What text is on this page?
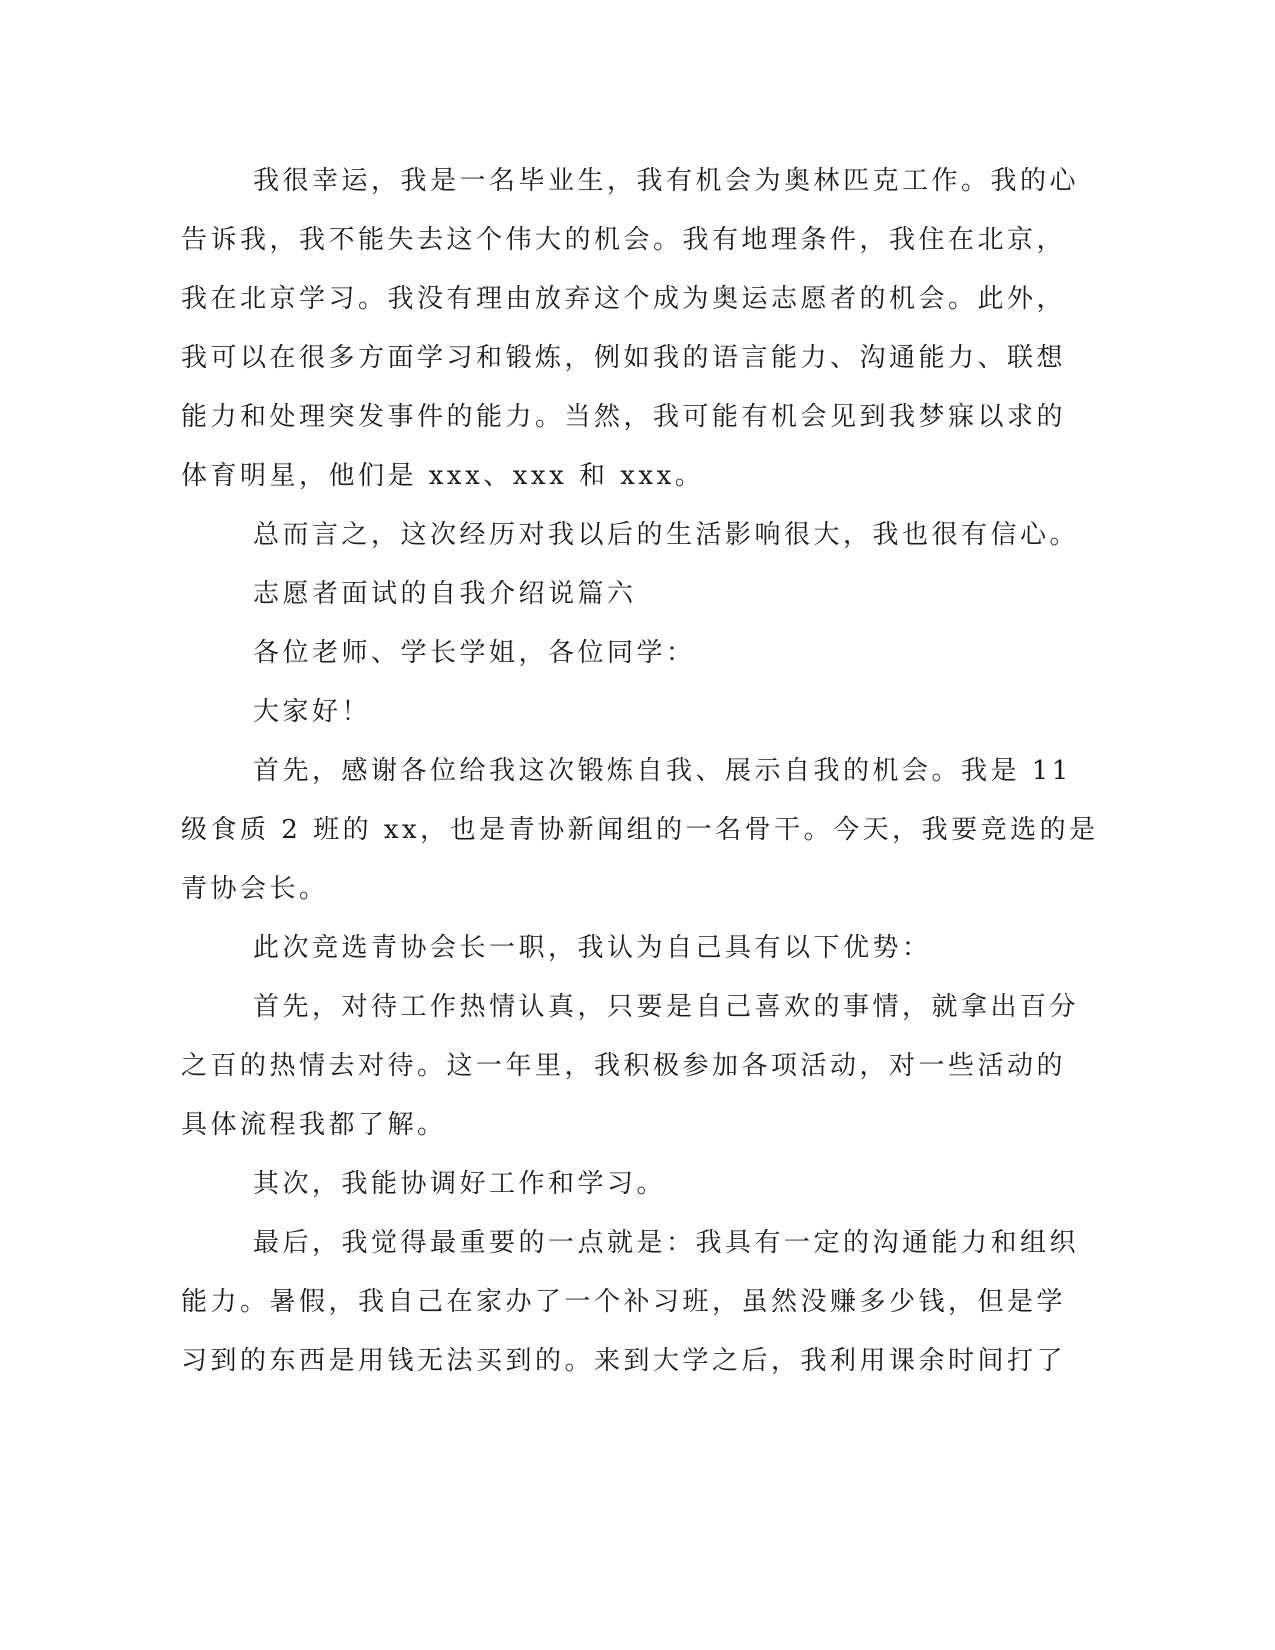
我很幸运，我是一名毕业生，我有机会为奥林匹克工作。我的心
告诉我，我不能失去这个伟大的机会。我有地理条件，我住在北京，
我在北京学习。我没有理由放弃这个成为奥运志愿者的机会。此外，
我可以在很多方面学习和锻炼，例如我的语言能力、沟通能力、联想
能力和处理突发事件的能力。当然，我可能有机会见到我梦寐以求的
体育明星，他们是 xxx、xxx 和 xxx。
总而言之，这次经历对我以后的生活影响很大，我也很有信心。
志愿者面试的自我介绍说篇六
各位老师、学长学姐，各位同学：
大家好！
首先，感谢各位给我这次锻炼自我、展示自我的机会。我是 11
级食质 2 班的 xx，也是青协新闻组的一名骨干。今天，我要竞选的是
青协会长。
此次竞选青协会长一职，我认为自己具有以下优势：
首先，对待工作热情认真，只要是自己喜欢的事情，就拿出百分
之百的热情去对待。这一年里，我积极参加各项活动，对一些活动的
具体流程我都了解。
其次，我能协调好工作和学习。
最后，我觉得最重要的一点就是：我具有一定的沟通能力和组织
能力。暑假，我自己在家办了一个补习班，虽然没赚多少钱，但是学
习到的东西是用钱无法买到的。来到大学之后，我利用课余时间打了
